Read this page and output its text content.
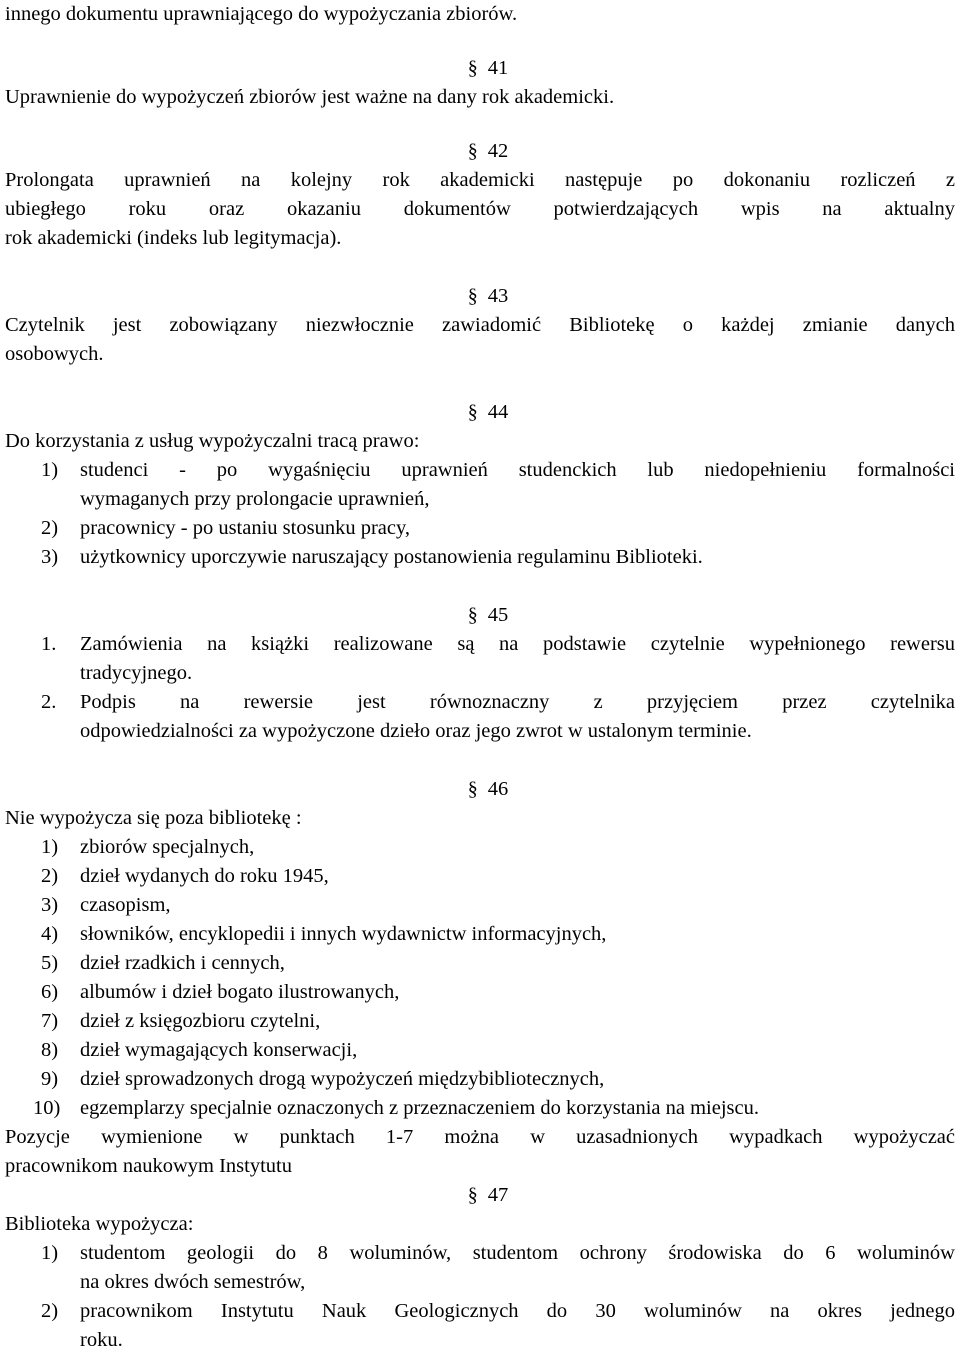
innego dokumentu uprawniającego do wypożyczania zbiorów.
§ 41
Uprawnienie do wypożyczeń zbiorów jest ważne na dany rok akademicki.
§ 42
Prolongata uprawnień na kolejny rok akademicki następuje po dokonaniu rozliczeń z
ubiegłego roku oraz okazaniu dokumentów potwierdzających wpis na aktualny
rok akademicki (indeks lub legitymacja).
§ 43
Czytelnik jest zobowiązany niezwłocznie zawiadomić Bibliotekę o każdej zmianie danych
osobowych.
§ 44
Do korzystania z usług wypożyczalni tracą prawo:
1)	studenci - po wygaśnięciu uprawnień studenckich lub niedopełnieniu formalności
wymaganych przy prolongacie uprawnień,
2)	pracownicy - po ustaniu stosunku pracy,
3)	użytkownicy uporczywie naruszający postanowienia regulaminu Biblioteki.
§ 45
1.	Zamówienia na książki realizowane są na podstawie czytelnie wypełnionego rewersu
tradycyjnego.
2.	Podpis na rewersie jest równoznaczny z przyjęciem przez czytelnika
odpowiedzialności za wypożyczone dzieło oraz jego zwrot w ustalonym terminie.
§ 46
Nie wypożycza się poza bibliotekę :
1)	zbiorów specjalnych,
2)	dzieł wydanych do roku 1945,
3)	czasopism,
4)	słowników, encyklopedii i innych wydawnictw informacyjnych,
5)	dzieł rzadkich i cennych,
6)	albumów i dzieł bogato ilustrowanych,
7)	dzieł z księgozbioru czytelni,
8)	dzieł wymagających konserwacji,
9)	dzieł sprowadzonych drogą wypożyczeń międzybibliotecznych,
10) egzemplarzy specjalnie oznaczonych z przeznaczeniem do korzystania na miejscu.
Pozycje wymienione w punktach 1-7 można w uzasadnionych wypadkach wypożyczać
pracownikom naukowym Instytutu
§ 47
Biblioteka wypożycza:
1)	studentom geologii do 8 woluminów, studentom ochrony środowiska do 6 woluminów
na okres dwóch semestrów,
2)	pracownikom Instytutu Nauk Geologicznych do 30 woluminów na okres jednego
roku.
